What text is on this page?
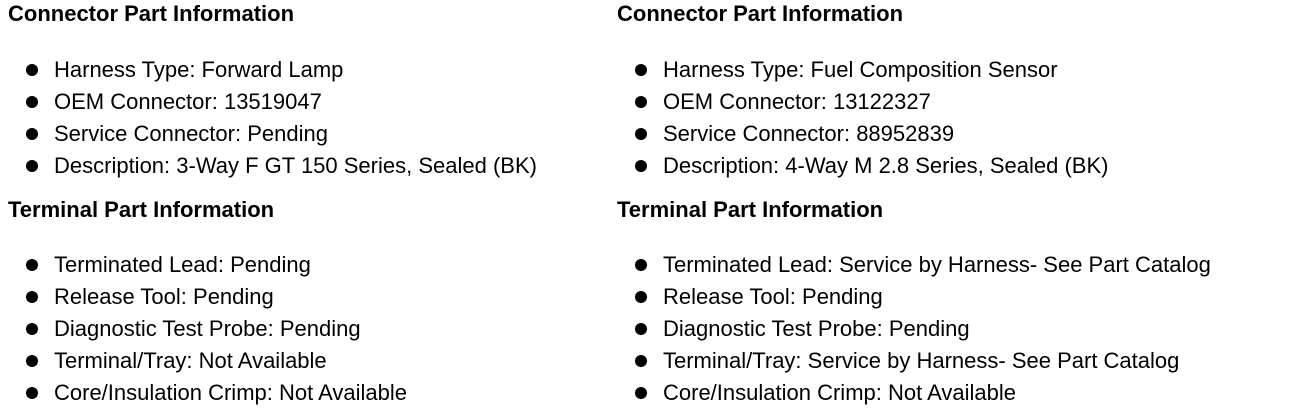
Connector Part Information
Harness Type: Forward Lamp
OEM Connector: 13519047
Service Connector: Pending
Description: 3-Way F GT 150 Series, Sealed (BK)
Terminal Part Information
Terminated Lead: Pending
Release Tool: Pending
Diagnostic Test Probe: Pending
Terminal/Tray: Not Available
Core/Insulation Crimp: Not Available
Connector Part Information
Harness Type: Fuel Composition Sensor
OEM Connector: 13122327
Service Connector: 88952839
Description: 4-Way M 2.8 Series, Sealed (BK)
Terminal Part Information
Terminated Lead: Service by Harness- See Part Catalog
Release Tool: Pending
Diagnostic Test Probe: Pending
Terminal/Tray: Service by Harness- See Part Catalog
Core/Insulation Crimp: Not Available
